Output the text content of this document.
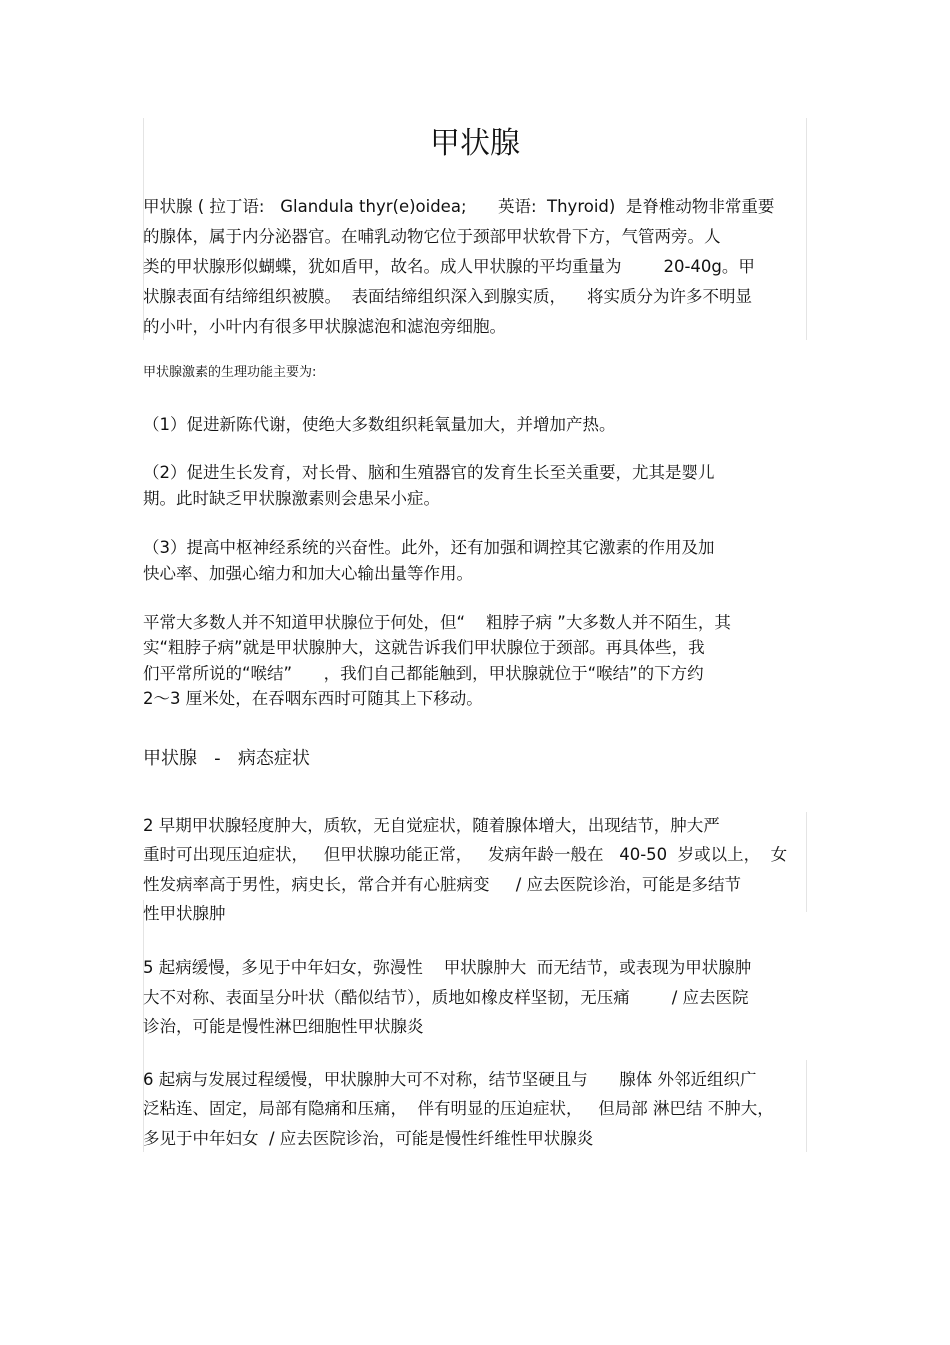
甲状腺
甲状腺 ( 拉丁语:   Glandula thyr(e)oidea;      英语:  Thyroid)  是脊椎动物非常重要
的腺体，属于内分泌器官。在哺乳动物它位于颈部甲状软骨下方，气管两旁。人
类的甲状腺形似蝴蝶，犹如盾甲，故名。成人甲状腺的平均重量为        20-40g。甲
状腺表面有结缔组织被膜。  表面结缔组织深入到腺实质，    将实质分为许多不明显
的小叶，小叶内有很多甲状腺滤泡和滤泡旁细胞。
甲状腺激素的生理功能主要为:
（1）促进新陈代谢，使绝大多数组织耗氧量加大，并增加产热。
（2）促进生长发育，对长骨、脑和生殖器官的发育生长至关重要，尤其是婴儿
期。此时缺乏甲状腺激素则会患呆小症。
（3）提高中枢神经系统的兴奋性。此外，还有加强和调控其它激素的作用及加
快心率、加强心缩力和加大心输出量等作用。
平常大多数人并不知道甲状腺位于何处，但“    粗脖子病 ”大多数人并不陌生，其
实“粗脖子病”就是甲状腺肿大，这就告诉我们甲状腺位于颈部。再具体些，我
们平常所说的“喉结”      ，我们自己都能触到，甲状腺就位于“喉结”的下方约
2～3 厘米处，在吞咽东西时可随其上下移动。
甲状腺   -   病态症状
2 早期甲状腺轻度肿大，质软，无自觉症状，随着腺体增大，出现结节，肿大严
重时可出现压迫症状，   但甲状腺功能正常，   发病年龄一般在   40-50  岁或以上，  女
性发病率高于男性，病史长，常合并有心脏病变     / 应去医院诊治，可能是多结节
性甲状腺肿
5 起病缓慢，多见于中年妇女，弥漫性    甲状腺肿大  而无结节，或表现为甲状腺肿
大不对称、表面呈分叶状（酷似结节），质地如橡皮样坚韧，无压痛        / 应去医院
诊治，可能是慢性淋巴细胞性甲状腺炎
6 起病与发展过程缓慢，甲状腺肿大可不对称，结节坚硬且与      腺体 外邻近组织广
泛粘连、固定，局部有隐痛和压痛，  伴有明显的压迫症状，   但局部 淋巴结 不肿大，
多见于中年妇女  / 应去医院诊治，可能是慢性纤维性甲状腺炎
